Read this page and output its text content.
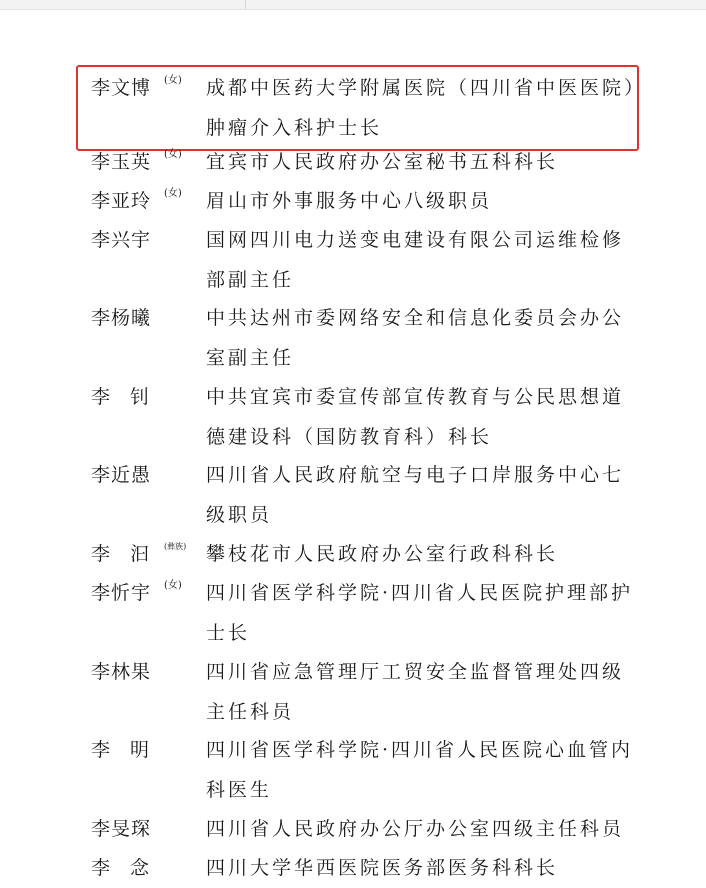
李文博 (女) 成都中医药大学附属医院（四川省中医医院）肿瘤介入科护士长
李玉英 (女) 宜宾市人民政府办公室秘书五科科长
李亚玲 (女) 眉山市外事服务中心八级职员
李兴宇	国网四川电力送变电建设有限公司运维检修部副主任
李杨曦	中共达州市委网络安全和信息化委员会办公室副主任
李 钊	中共宜宾市委宣传部宣传教育与公民思想道德建设科（国防教育科）科长
李近愚	四川省人民政府航空与电子口岸服务中心七级职员
李 汩 (彝族) 攀枝花市人民政府办公室行政科科长
李忻宇 (女) 四川省医学科学院·四川省人民医院护理部护士长
李林果	四川省应急管理厅工贸安全监督管理处四级主任科员
李 明	四川省医学科学院·四川省人民医院心血管内科医生
李旻琛	四川省人民政府办公厅办公室四级主任科员
李 念	四川大学华西医院医务部医务科科长
